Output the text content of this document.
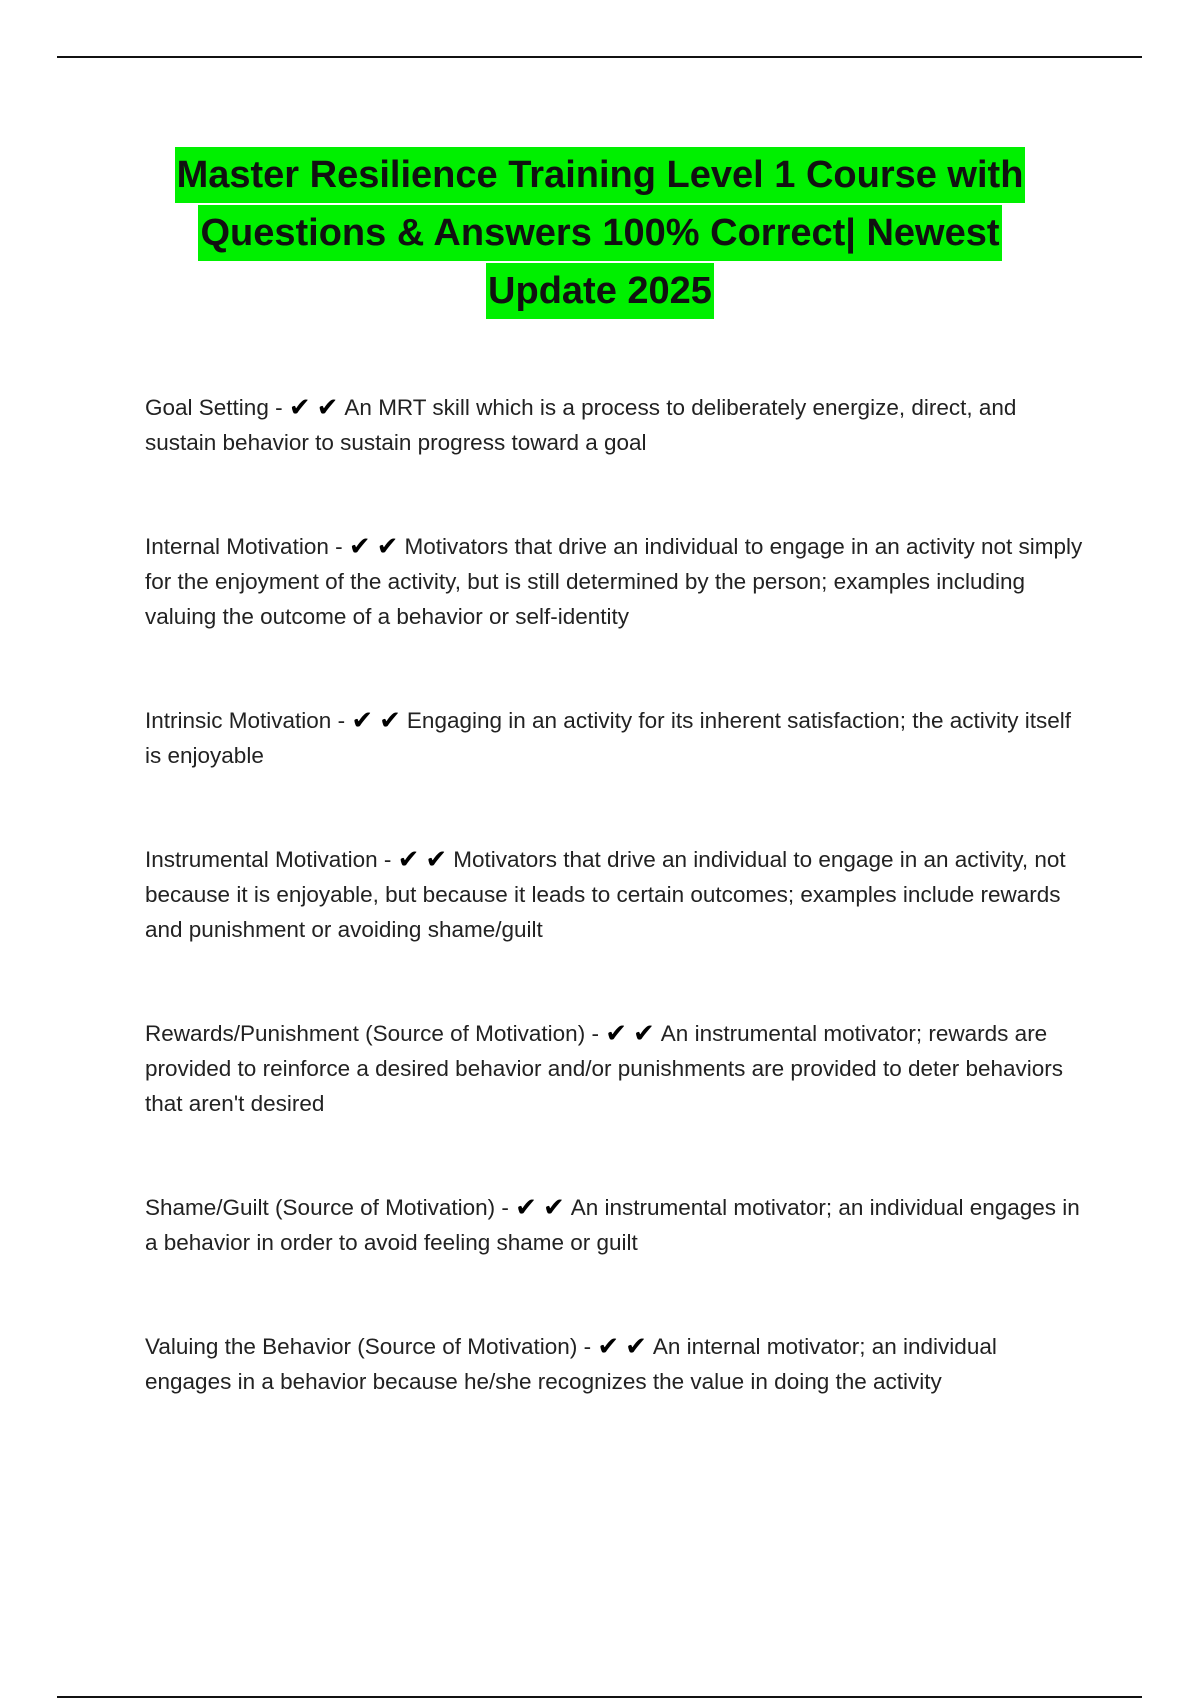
Master Resilience Training Level 1 Course with
Questions & Answers 100% Correct| Newest
Update 2025
Goal Setting - ✔ ✔ An MRT skill which is a process to deliberately energize, direct, and sustain behavior to sustain progress toward a goal
Internal Motivation - ✔ ✔ Motivators that drive an individual to engage in an activity not simply for the enjoyment of the activity, but is still determined by the person; examples including valuing the outcome of a behavior or self-identity
Intrinsic Motivation - ✔ ✔ Engaging in an activity for its inherent satisfaction; the activity itself is enjoyable
Instrumental Motivation - ✔ ✔ Motivators that drive an individual to engage in an activity, not because it is enjoyable, but because it leads to certain outcomes; examples include rewards and punishment or avoiding shame/guilt
Rewards/Punishment (Source of Motivation) - ✔ ✔ An instrumental motivator; rewards are provided to reinforce a desired behavior and/or punishments are provided to deter behaviors that aren't desired
Shame/Guilt (Source of Motivation) - ✔ ✔ An instrumental motivator; an individual engages in a behavior in order to avoid feeling shame or guilt
Valuing the Behavior (Source of Motivation) - ✔ ✔ An internal motivator; an individual engages in a behavior because he/she recognizes the value in doing the activity
